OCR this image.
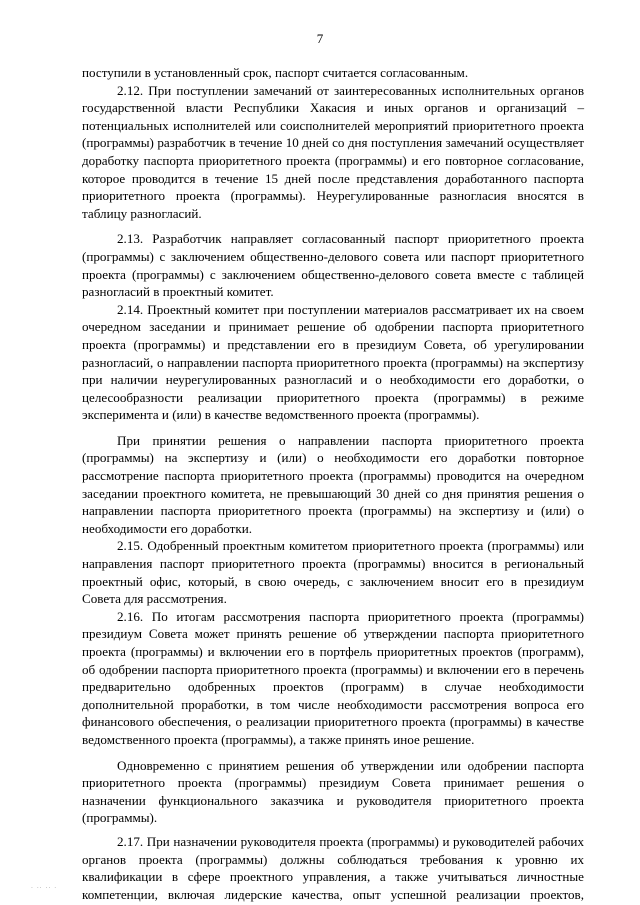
7

поступили в установленный срок, паспорт считается согласованным.

2.12. При поступлении замечаний от заинтересованных исполнительных органов государственной власти Республики Хакасия и иных органов и организаций – потенциальных исполнителей или соисполнителей мероприятий приоритетного проекта (программы) разработчик в течение 10 дней со дня поступления замечаний осуществляет доработку паспорта приоритетного проекта (программы) и его повторное согласование, которое проводится в течение 15 дней после представления доработанного паспорта приоритетного проекта (программы). Неурегулированные разногласия вносятся в таблицу разногласий.

2.13. Разработчик направляет согласованный паспорт приоритетного проекта (программы) с заключением общественно-делового совета или паспорт приоритетного проекта (программы) с заключением общественно-делового совета вместе с таблицей разногласий в проектный комитет.

2.14. Проектный комитет при поступлении материалов рассматривает их на своем очередном заседании и принимает решение об одобрении паспорта приоритетного проекта (программы) и представлении его в президиум Совета, об урегулировании разногласий, о направлении паспорта приоритетного проекта (программы) на экспертизу при наличии неурегулированных разногласий и о необходимости его доработки, о целесообразности реализации приоритетного проекта (программы) в режиме эксперимента и (или) в качестве ведомственного проекта (программы).

При принятии решения о направлении паспорта приоритетного проекта (программы) на экспертизу и (или) о необходимости его доработки повторное рассмотрение паспорта приоритетного проекта (программы) проводится на очередном заседании проектного комитета, не превышающий 30 дней со дня принятия решения о направлении паспорта приоритетного проекта (программы) на экспертизу и (или) о необходимости его доработки.

2.15. Одобренный проектным комитетом приоритетного проекта (программы) или направления паспорт приоритетного проекта (программы) вносится в региональный проектный офис, который, в свою очередь, с заключением вносит его в президиум Совета для рассмотрения.

2.16. По итогам рассмотрения паспорта приоритетного проекта (программы) президиум Совета может принять решение об утверждении паспорта приоритетного проекта (программы) и включении его в портфель приоритетных проектов (программ), об одобрении паспорта приоритетного проекта (программы) и включении его в перечень предварительно одобренных проектов (программ) в случае необходимости дополнительной проработки, в том числе необходимости рассмотрения вопроса его финансового обеспечения, о реализации приоритетного проекта (программы) в качестве ведомственного проекта (программы), а также принять иное решение.

Одновременно с принятием решения об утверждении или одобрении паспорта приоритетного проекта (программы) президиум Совета принимает решения о назначении функционального заказчика и руководителя приоритетного проекта (программы).

2.17. При назначении руководителя проекта (программы) и руководителей рабочих органов проекта (программы) должны соблюдаться требования к уровню их квалификации в сфере проектного управления, а также учитываться личностные компетенции, включая лидерские качества, опыт успешной реализации проектов,

· ·· ·· ·
